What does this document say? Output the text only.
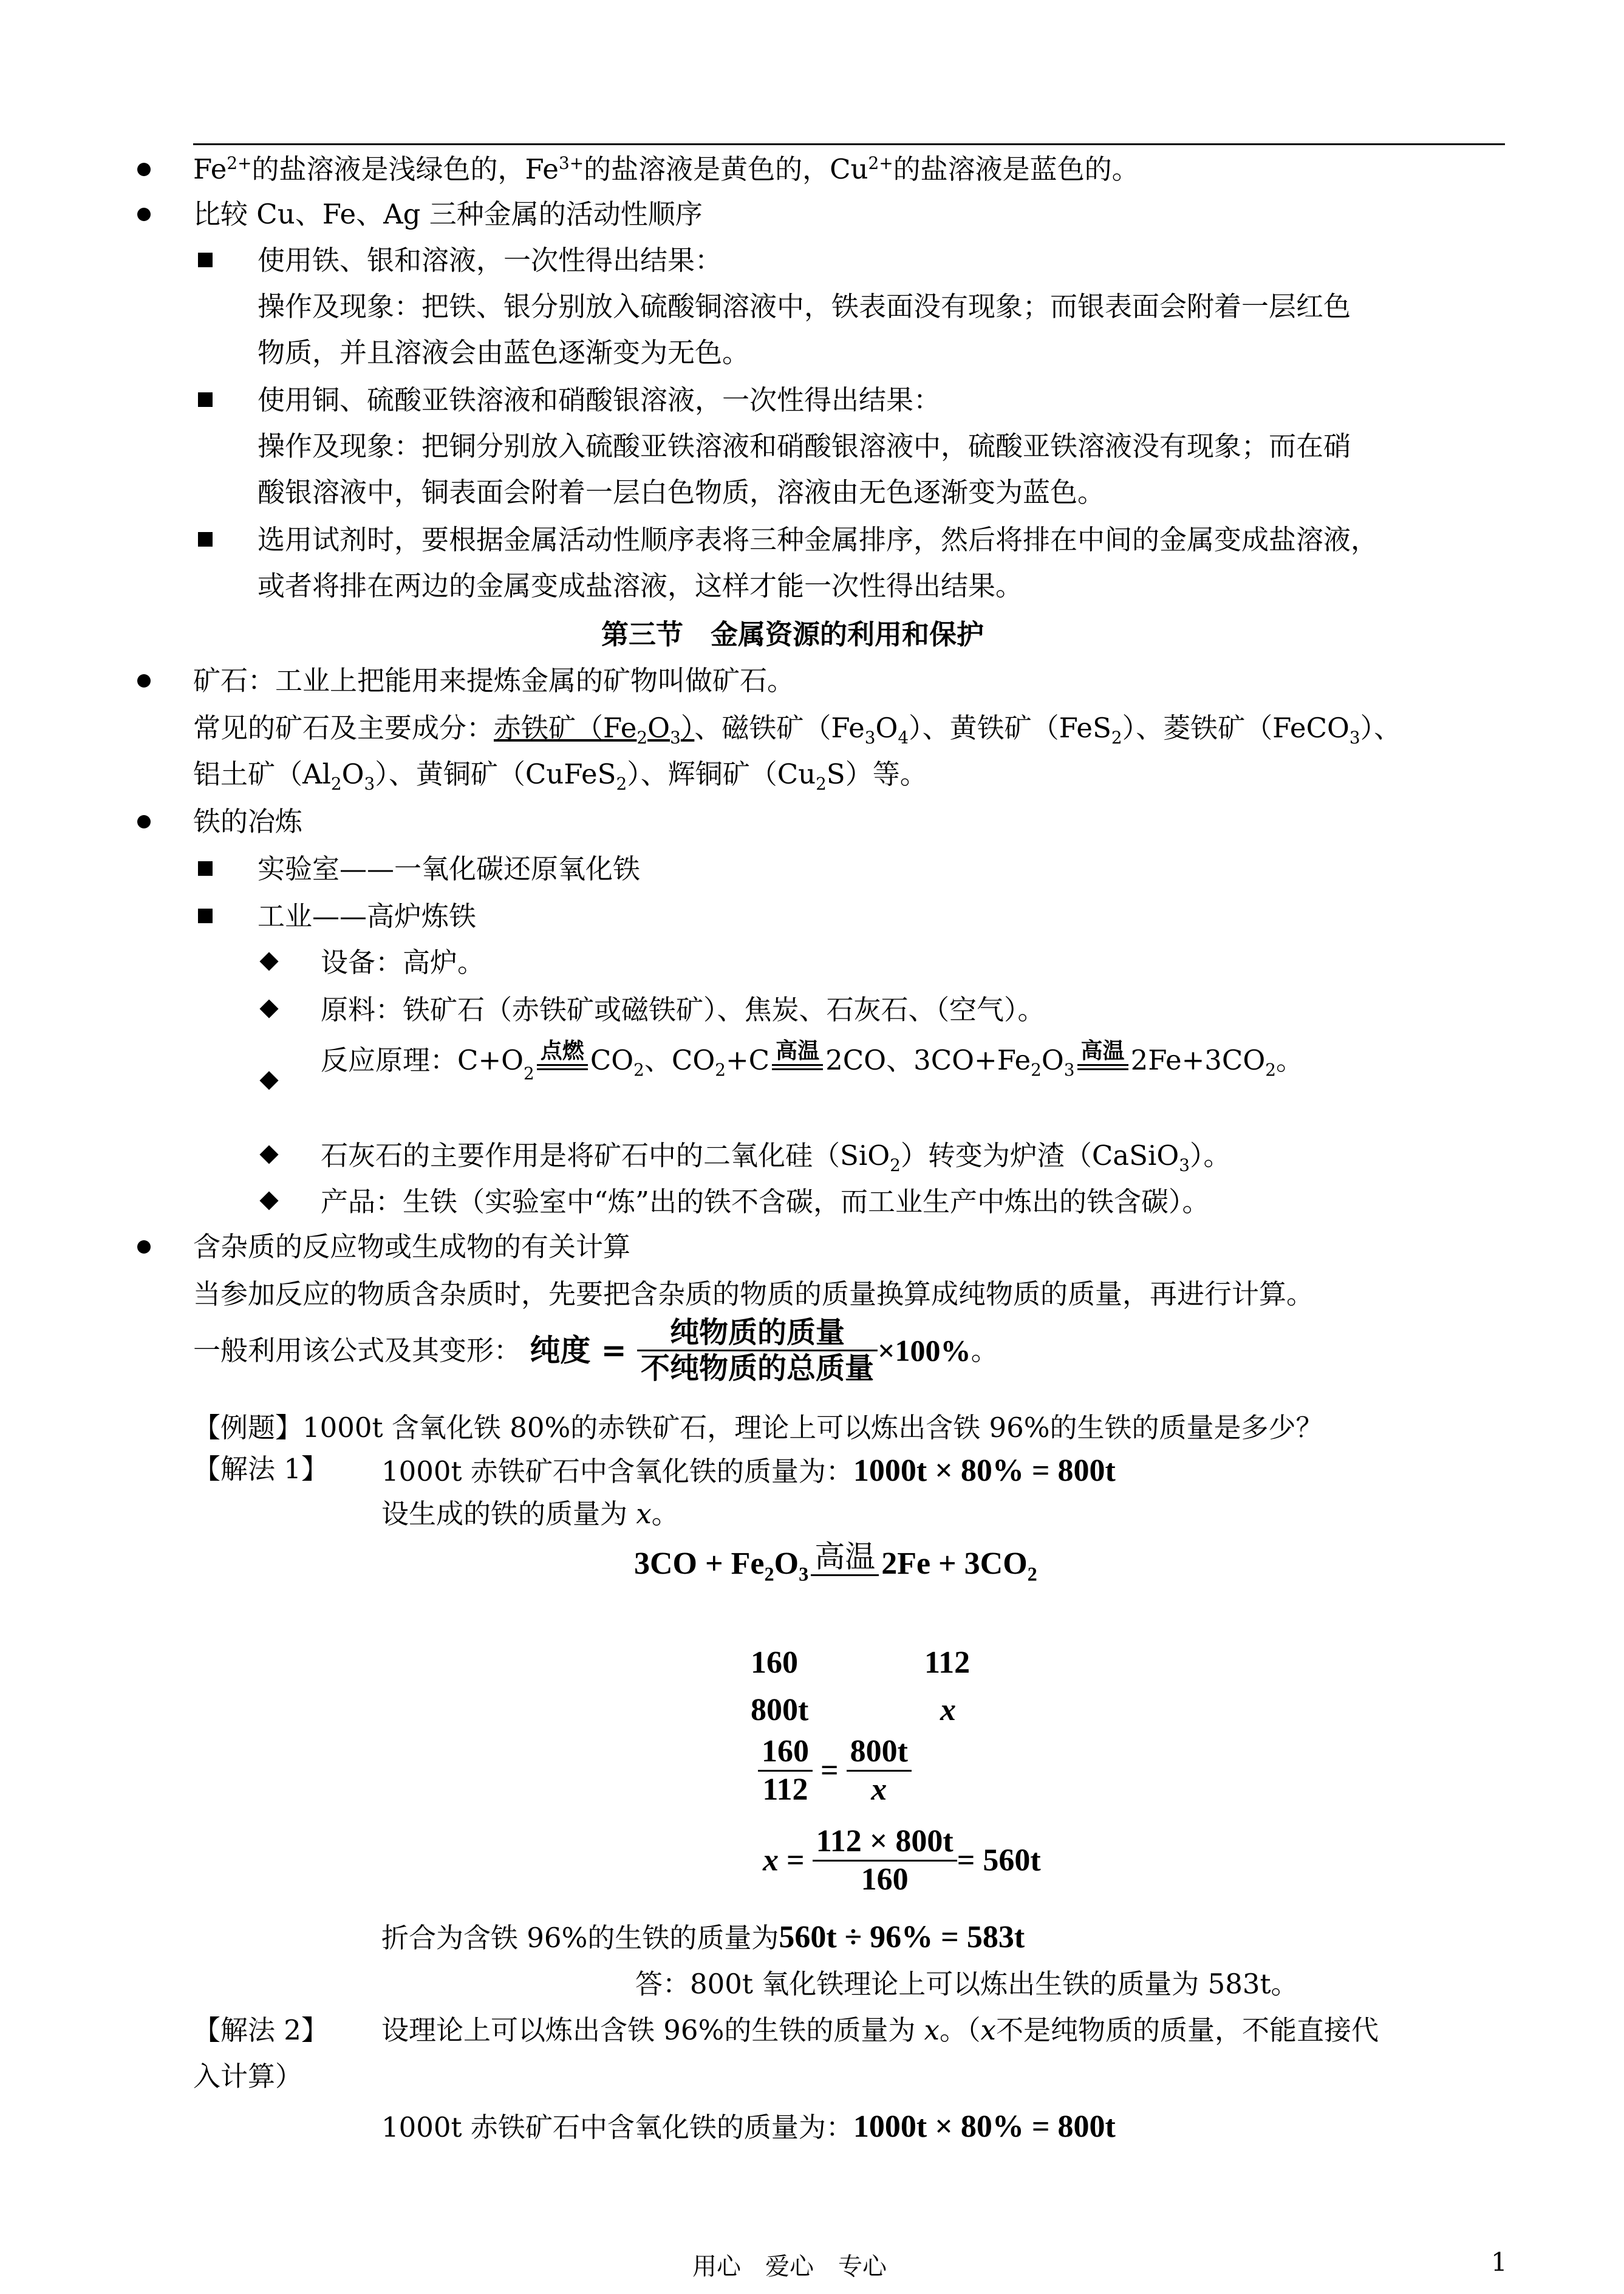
$Fe^{2+}$的盐溶液是浅绿色的，$Fe^{3+}$的盐溶液是黄色的，$Cu^{2+}$的盐溶液是蓝色的。
比较 Cu、Fe、Ag 三种金属的活动性顺序
使用铁、银和溶液，一次性得出结果：
操作及现象：把铁、银分别放入硫酸铜溶液中，铁表面没有现象；而银表面会附着一层红色
物质，并且溶液会由蓝色逐渐变为无色。
使用铜、硫酸亚铁溶液和硝酸银溶液，一次性得出结果：
操作及现象：把铜分别放入硫酸亚铁溶液和硝酸银溶液中，硫酸亚铁溶液没有现象；而在硝
酸银溶液中，铜表面会附着一层白色物质，溶液由无色逐渐变为蓝色。
选用试剂时，要根据金属活动性顺序表将三种金属排序，然后将排在中间的金属变成盐溶液，
或者将排在两边的金属变成盐溶液，这样才能一次性得出结果。
第三节　金属资源的利用和保护
矿石：工业上把能用来提炼金属的矿物叫做矿石。
常见的矿石及主要成分：赤铁矿$(Fe_2O_3)$、磁铁矿$(Fe_3O_4)$、黄铁矿（FeS$_2$）、菱铁矿（FeCO$_3$）、
铝土矿$(Al_2O_3)$、黄铜矿（CuFeS$_2$）、辉铜矿$(Cu_2S)$等。
铁的冶炼
实验室——一氧化碳还原氧化铁
工业——高炉炼铁
设备：高炉。
原料：铁矿石（赤铁矿或磁铁矿）、焦炭、石灰石、（空气）。
反应原理：C+O2
点燃 $CO_2$、$CO_2+C$ 高温 2CO、$3CO+Fe_2O_3$
高温 $2Fe+3CO_2$。
石灰石的主要作用是将矿石中的二氧化硅（SiO$_2$）转变为炉渣（CaSiO$_3$）。
产品：生铁（实验室中“炼”出的铁不含碳，而工业生产中炼出的铁含碳）。
含杂质的反应物或生成物的有关计算
当参加反应的物质含杂质时，先要把含杂质的物质的质量换算成纯物质的质量，再进行计算。
一般利用该公式及其变形： 纯度 = $\frac{\text{纯物质的质量}}{\text{不纯物质的总质量}} \times 100\%$。
【例题】1000t 含氧化铁 80%的赤铁矿石，理论上可以炼出含铁 96%的生铁的质量是多少？
【解法 1】 1000t 赤铁矿石中含氧化铁的质量为：1000t × 80% = 800t
设生成的铁的质量为 x。
$3CO + Fe_2O_3$
高温 $2Fe + 3CO_2$
160	112
800t	x
$\frac{160}{112} = \frac{800t}{x}$
$x = \frac{112 \times 800t}{160} = 560t$
折合为含铁 96%的生铁的质量为560t ÷ 96% = 583t
答：800t 氧化铁理论上可以炼出生铁的质量为 583t。
【解法 2】 设理论上可以炼出含铁 96%的生铁的质量为 x。（x不是纯物质的质量，不能直接代
入计算）
1000t 赤铁矿石中含氧化铁的质量为：1000t × 80% = 800t
用心　爱心　专心	1
